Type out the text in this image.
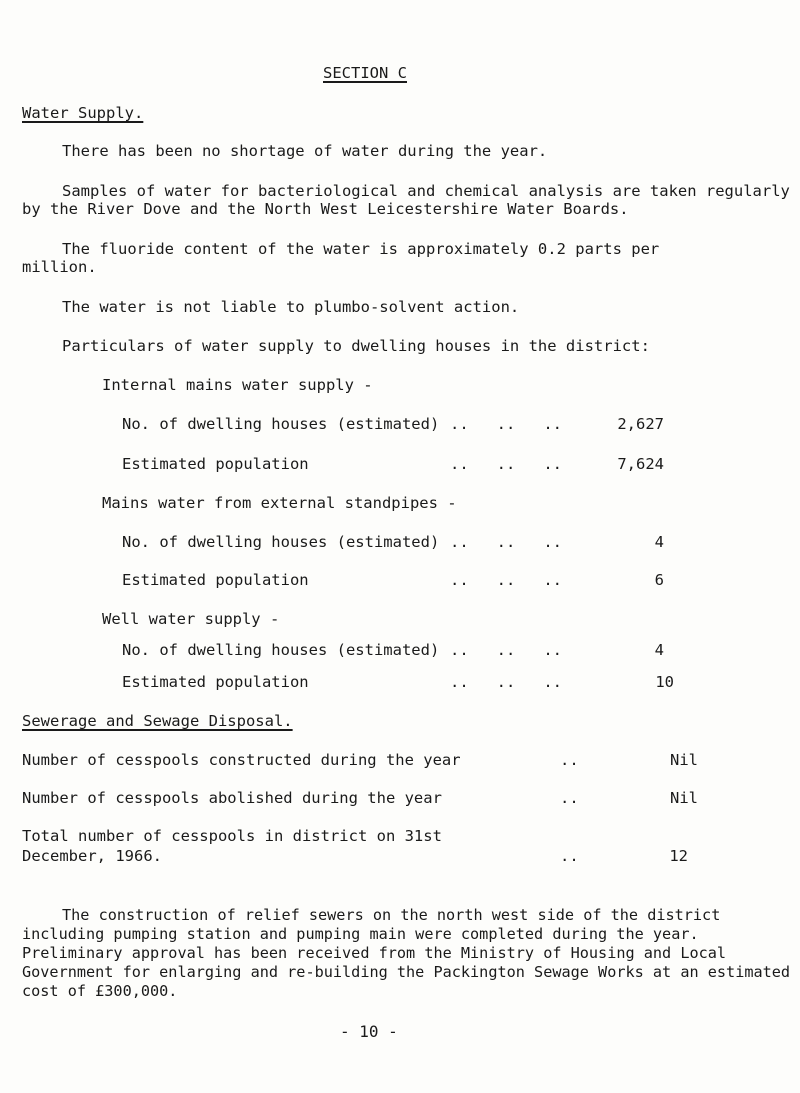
SECTION C
Water Supply.
There has been no shortage of water during the year.
Samples of water for bacteriological and chemical analysis are taken regularly by the River Dove and the North West Leicestershire Water Boards.
The fluoride content of the water is approximately 0.2 parts per million.
The water is not liable to plumbo-solvent action.
Particulars of water supply to dwelling houses in the district:
Internal mains water supply -
No. of dwelling houses (estimated) ..   ..   ..	2,627
Estimated population	..   ..   ..	7,624
Mains water from external standpipes -
No. of dwelling houses (estimated) ..   ..   ..	4
Estimated population	..   ..   ..	6
Well water supply -
No. of dwelling houses (estimated) ..   ..   ..	4
Estimated population	..   ..   ..	10
Sewerage and Sewage Disposal.
Number of cesspools constructed during the year	..	Nil
Number of cesspools abolished during the year	..	Nil
Total number of cesspools in district on 31st
December, 1966.	..	12
The construction of relief sewers on the north west side of the district including pumping station and pumping main were completed during the year. Preliminary approval has been received from the Ministry of Housing and Local Government for enlarging and re-building the Packington Sewage Works at an estimated cost of £300,000.
- 10 -
